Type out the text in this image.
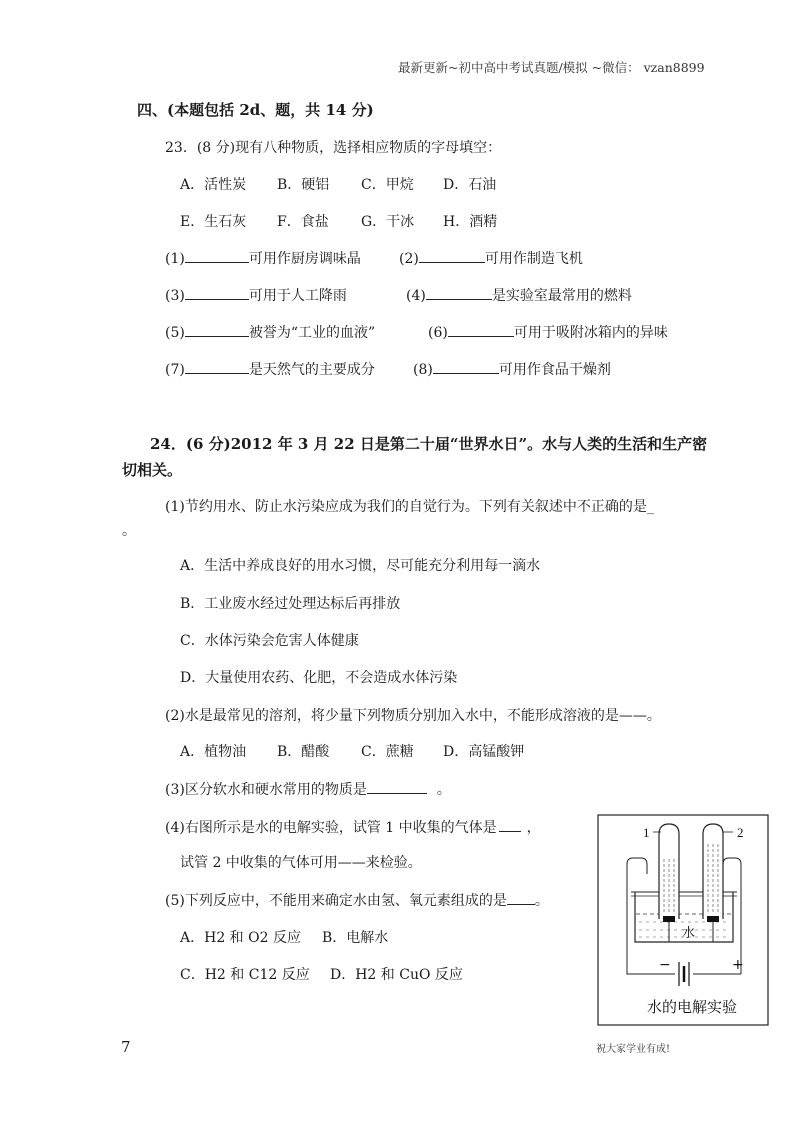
最新更新~初中高中考试真题/模拟 ~微信： vzan8899
四、(本题包括 2d、题，共 14 分)
23．(8 分)现有八种物质，选择相应物质的字母填空：
A．活性炭 B．硬铝 C．甲烷 D．石油
E．生石灰 F．食盐 G．干冰 H．酒精
(1)	可用作厨房调味晶	(2)	可用作制造飞机
(3)	可用于人工降雨	(4)	是实验室最常用的燃料
(5)	被誉为“工业的血液”	(6)	可用于吸附冰箱内的异味
(7)	是天然气的主要成分	(8)	可用作食品干燥剂
24．(6 分)2012 年 3 月 22 日是第二十届“世界水日”。水与人类的生活和生产密
切相关。
(1)节约用水、防止水污染应成为我们的自觉行为。下列有关叙述中不正确的是_
。
A．生活中养成良好的用水习惯，尽可能充分利用每一滴水
B．工业废水经过处理达标后再排放
C．水体污染会危害人体健康
D．大量使用农药、化肥，不会造成水体污染
(2)水是最常见的溶剂，将少量下列物质分别加入水中，不能形成溶液的是——。
A．植物油 B．醋酸 C．蔗糖 D．高锰酸钾
(3)区分软水和硬水常用的物质是	。
(4)右图所示是水的电解实验，试管 1 中收集的气体是 ，
试管 2 中收集的气体可用——来检验。
(5)下列反应中，不能用来确定水由氢、氧元素组成的是 。
A．H2 和 O2 反应 B．电解水
C．H2 和 C12 反应 D．H2 和 CuO 反应
1	2
水
−	+
水的电解实验
7	祝大家学业有成!
